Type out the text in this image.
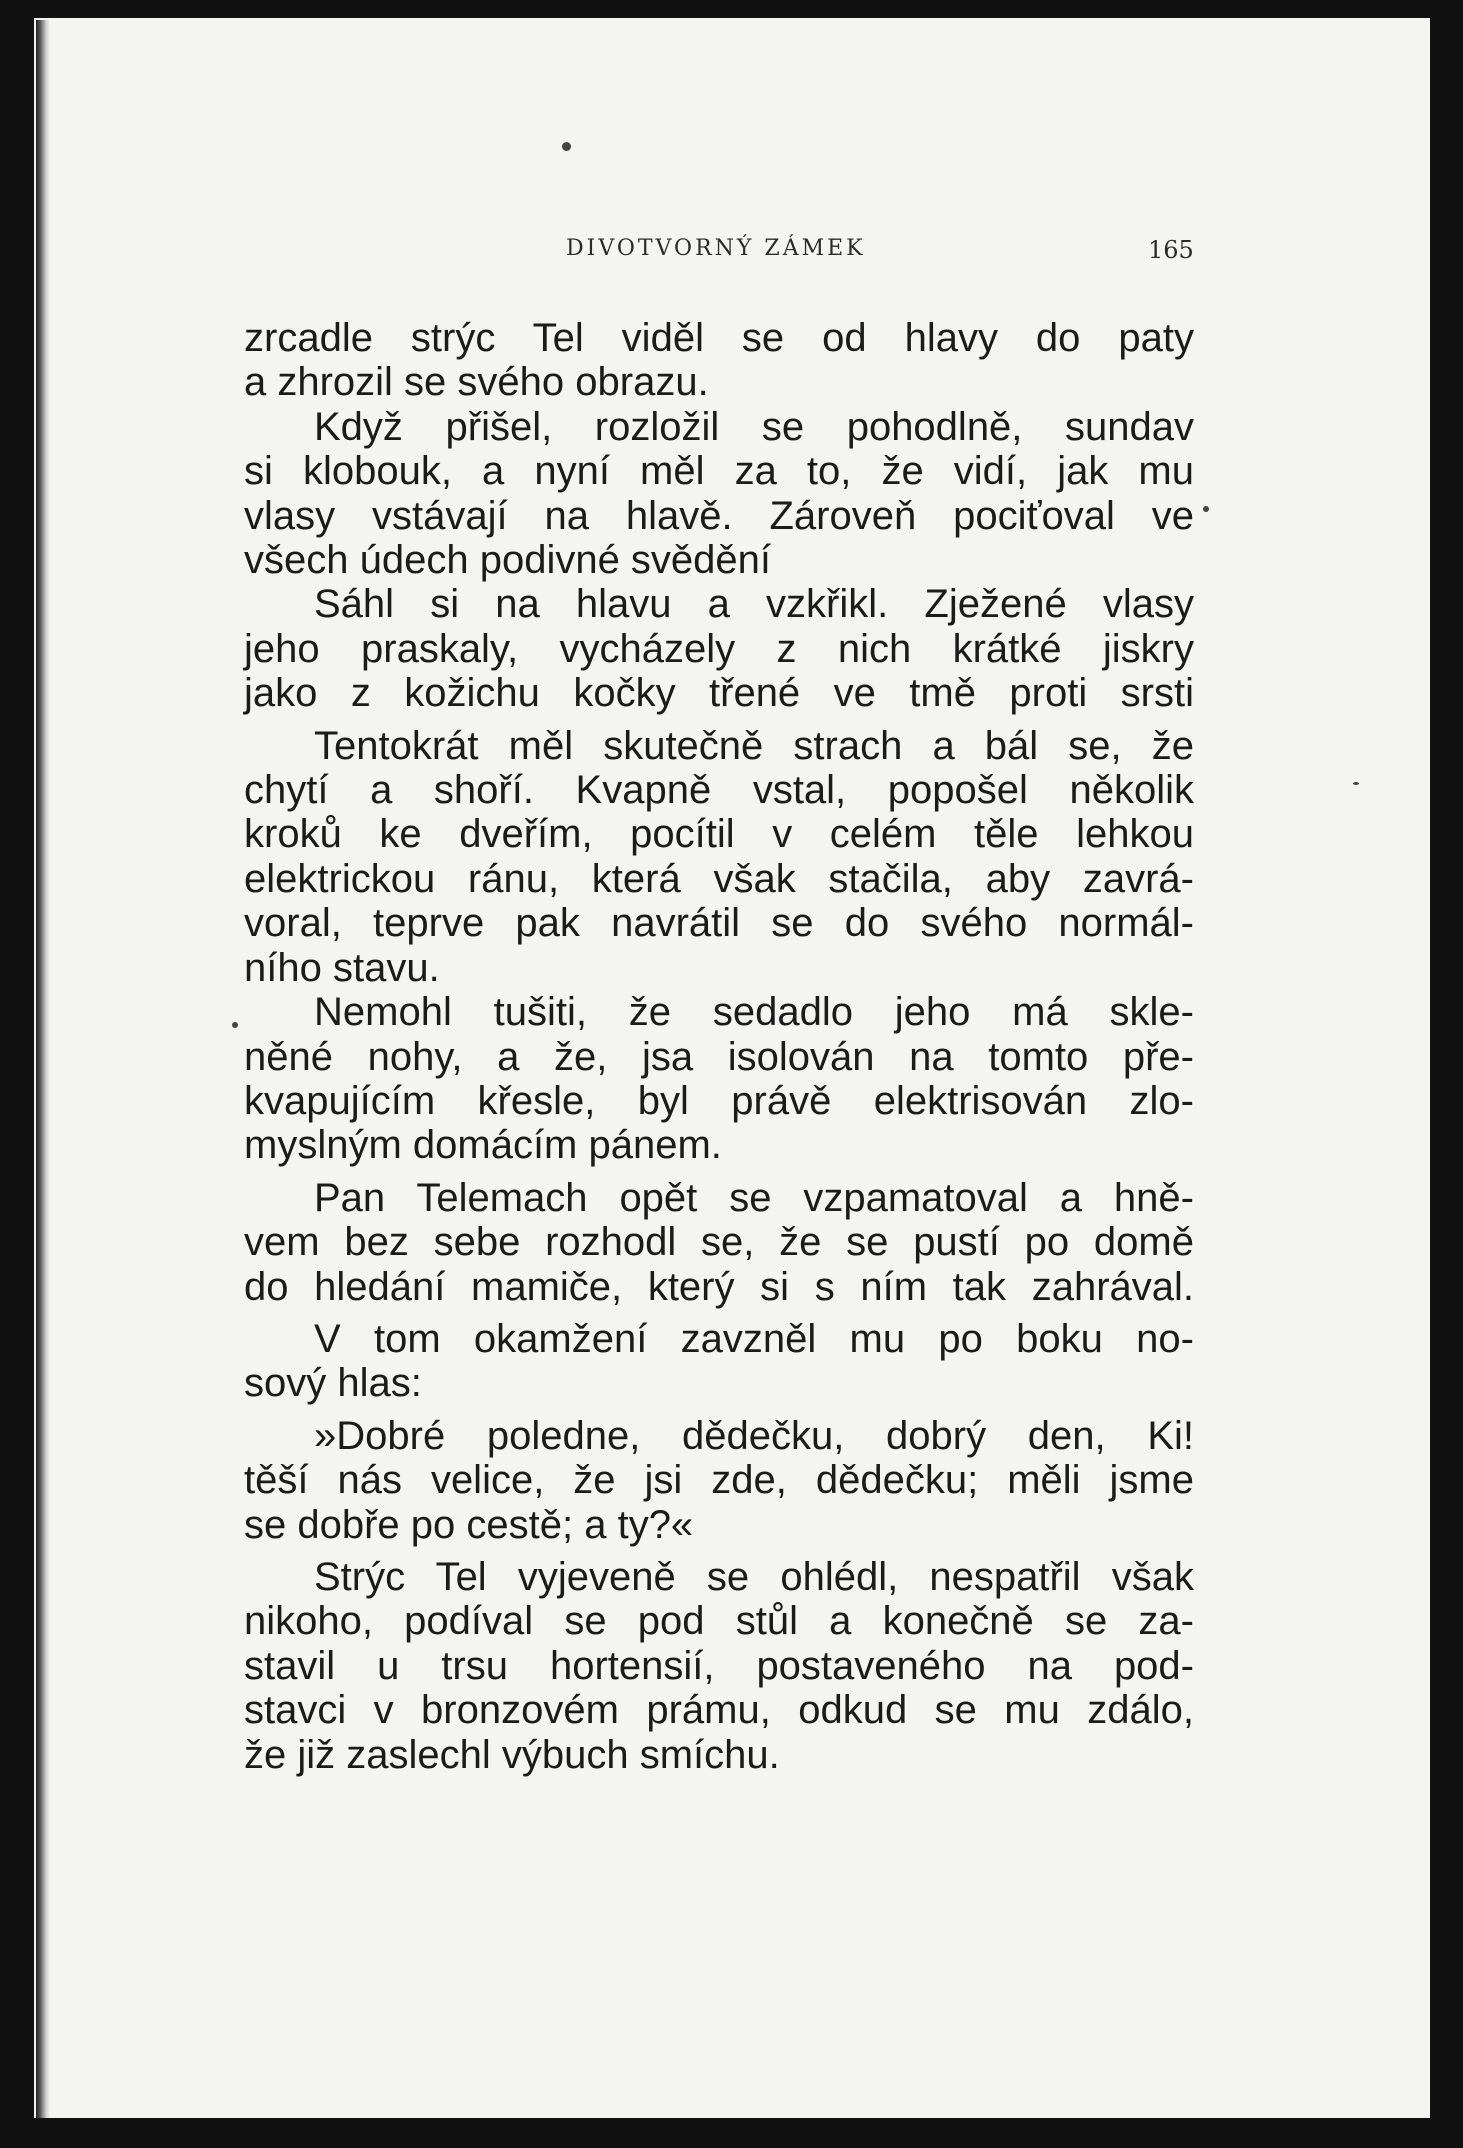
DIVOTVORNÝ ZÁMEK	165
zrcadle strýc Tel viděl se od hlavy do paty
a zhrozil se svého obrazu.
Když přišel, rozložil se pohodlně, sundav
si klobouk, a nyní měl za to, že vidí, jak mu
vlasy vstávají na hlavě. Zároveň pociťoval ve
všech údech podivné svědění
Sáhl si na hlavu a vzkřikl. Zježené vlasy
jeho praskaly, vycházely z nich krátké jiskry
jako z kožichu kočky třené ve tmě proti srsti
Tentokrát měl skutečně strach a bál se, že
chytí a shoří. Kvapně vstal, popošel několik
kroků ke dveřím, pocítil v celém těle lehkou
elektrickou ránu, která však stačila, aby zavrá-
voral, teprve pak navrátil se do svého normál-
ního stavu.
Nemohl tušiti, že sedadlo jeho má skle-
něné nohy, a že, jsa isolován na tomto pře-
kvapujícím křesle, byl právě elektrisován zlo-
myslným domácím pánem.
Pan Telemach opět se vzpamatoval a hně-
vem bez sebe rozhodl se, že se pustí po domě
do hledání mamiče, který si s ním tak zahrával.
V tom okamžení zavzněl mu po boku no-
sový hlas:
»Dobré poledne, dědečku, dobrý den, Ki!
těší nás velice, že jsi zde, dědečku; měli jsme
se dobře po cestě; a ty?«
Strýc Tel vyjeveně se ohlédl, nespatřil však
nikoho, podíval se pod stůl a konečně se za-
stavil u trsu hortensií, postaveného na pod-
stavci v bronzovém prámu, odkud se mu zdálo,
že již zaslechl výbuch smíchu.
